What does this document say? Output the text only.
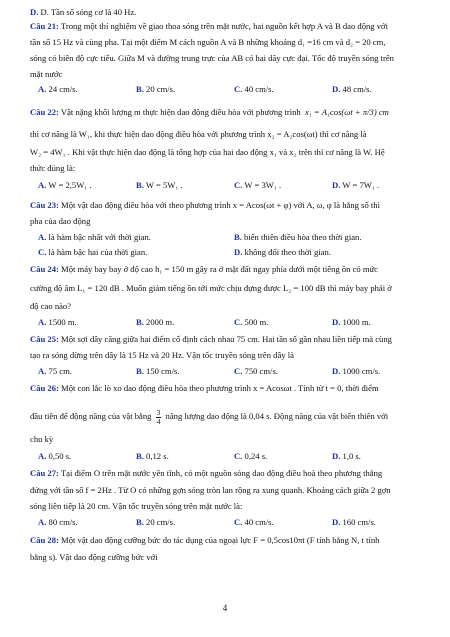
D. D. Tần số sóng cơ là 40 Hz.
Câu 21: Trong một thí nghiệm về giao thoa sóng trên mặt nước, hai nguồn kết hợp A và B dao động với
tần số 15 Hz và cùng pha. Tại một điểm M cách nguồn A và B những khoảng d₁ =16 cm và d₂ = 20 cm,
sóng có biên độ cực tiểu. Giữa M và đường trung trực của AB có hai dãy cực đại. Tốc độ truyền sóng trên
mặt nước
A. 24 cm/s.	B. 20 cm/s.	C. 40 cm/s.	D. 48 cm/s.
Câu 22: Vật nặng khối lượng m thực hiện dao động điều hòa với phương trình x₁ = A₁cos(ωt + π/3) cm
thì cơ năng là W₁, khi thực hiện dao động điều hòa với phương trình x₂ = A₂cos(ωt) thì cơ năng là
W₂ = 4W₁ . Khi vật thực hiện dao động là tổng hợp của hai dao động x₁ và x₂ trên thì cơ năng là W. Hệ
thức đúng là:
A. W = 2,5W₁ .	B. W = 5W₁ .	C. W = 3W₁ .	D. W = 7W₁ .
Câu 23: Một vật dao động điều hòa với theo phương trình x = Acos(ωt + φ) với A, ω, φ là hằng số thì
pha của dao động
A. là hàm bậc nhất với thời gian.	B. biến thiên điều hòa theo thời gian.
C. là hàm bậc hai của thời gian.	D. không đổi theo thời gian.
Câu 24: Một máy bay bay ở độ cao h₁ = 150 m gây ra ở mặt đất ngay phía dưới một tiếng ồn có mức
cường độ âm L₁ = 120 dB . Muốn giảm tiếng ồn tới mức chịu đựng được L₂ = 100 dB thì máy bay phải ở
độ cao nào?
A. 1500 m.	B. 2000 m.	C. 500 m.	D. 1000 m.
Câu 25: Một sợi dây căng giữa hai điểm cố định cách nhau 75 cm. Hai tần số gần nhau liền tiếp mà cùng
tạo ra sóng dừng trên dây là 15 Hz và 20 Hz. Vận tốc truyền sóng trên dây là
A. 75 cm.	B. 150 cm/s.	C. 750 cm/s.	D. 1000 cm/s.
Câu 26: Một con lắc lò xo dao động điều hòa theo phương trình x = Acosωt . Tính từ t = 0, thời điểm
đầu tiên để động năng của vật bằng $\frac{3}{4}$ năng lượng dao động là 0,04 s. Động năng của vật biến thiên với
chu kỳ
A. 0,50 s.	B. 0,12 s.	C. 0,24 s.	D. 1,0 s.
Câu 27: Tại điểm O trên mặt nước yên tĩnh, có một nguồn sóng dao động điều hoà theo phương thẳng
đứng với tần số f = 2Hz . Từ O có những gợn sóng tròn lan rộng ra xung quanh. Khoảng cách giữa 2 gợn
sóng liên tiếp là 20 cm. Vận tốc truyền sóng trên mặt nước là:
A. 80 cm/s.	B. 20 cm/s.	C. 40 cm/s.	D. 160 cm/s.
Câu 28: Một vật dao động cưỡng bức do tác dụng của ngoại lực F = 0,5cos10πt (F tính bằng N, t tính
bằng s). Vật dao động cưỡng bức với
4
